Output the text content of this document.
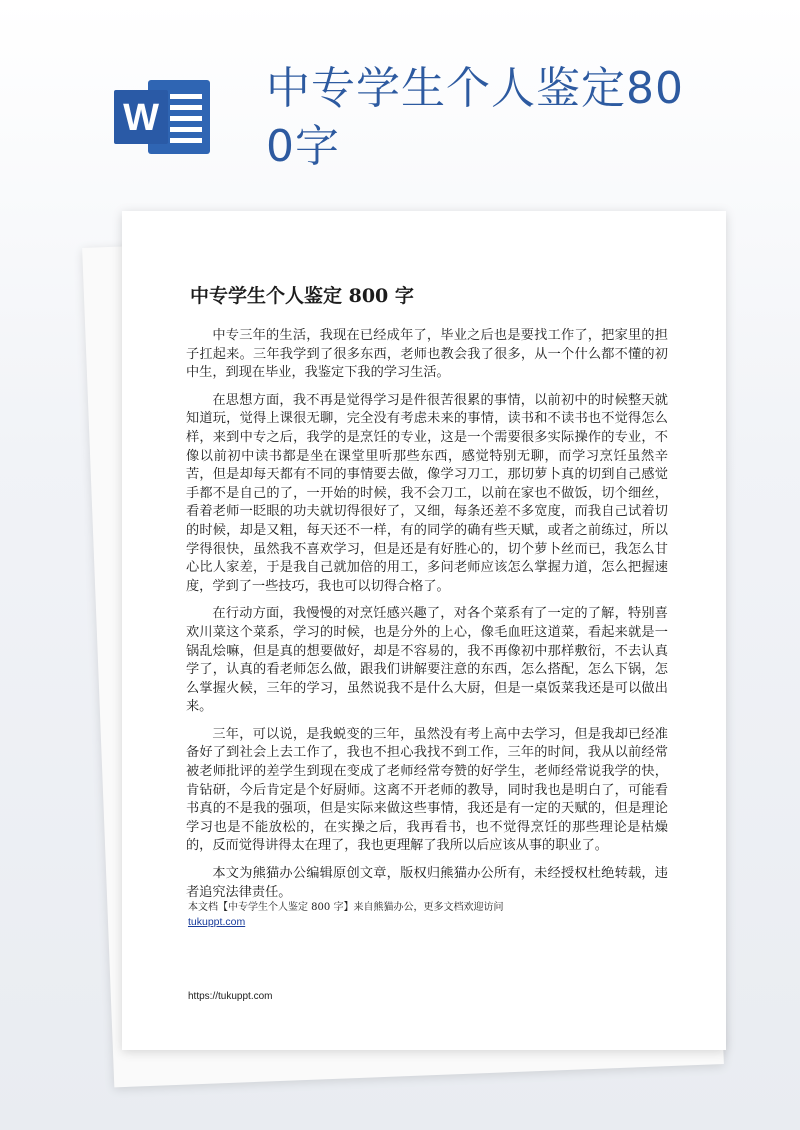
W
中专学生个人鉴定800字
中专学生个人鉴定 800 字

中专三年的生活，我现在已经成年了，毕业之后也是要找工作了，把家里的担子扛起来。三年我学到了很多东西，老师也教会我了很多，从一个什么都不懂的初中生，到现在毕业，我鉴定下我的学习生活。

在思想方面，我不再是觉得学习是件很苦很累的事情，以前初中的时候整天就知道玩，觉得上课很无聊，完全没有考虑未来的事情，读书和不读书也不觉得怎么样，来到中专之后，我学的是烹饪的专业，这是一个需要很多实际操作的专业，不像以前初中读书都是坐在课堂里听那些东西，感觉特别无聊，而学习烹饪虽然辛苦，但是却每天都有不同的事情要去做，像学习刀工，那切萝卜真的切到自己感觉手都不是自己的了，一开始的时候，我不会刀工，以前在家也不做饭，切个细丝，看着老师一眨眼的功夫就切得很好了，又细，每条还差不多宽度，而我自己试着切的时候，却是又粗，每天还不一样，有的同学的确有些天赋，或者之前练过，所以学得很快，虽然我不喜欢学习，但是还是有好胜心的，切个萝卜丝而已，我怎么甘心比人家差，于是我自己就加倍的用工，多问老师应该怎么掌握力道，怎么把握速度，学到了一些技巧，我也可以切得合格了。

在行动方面，我慢慢的对烹饪感兴趣了，对各个菜系有了一定的了解，特别喜欢川菜这个菜系，学习的时候，也是分外的上心，像毛血旺这道菜，看起来就是一锅乱烩嘛，但是真的想要做好，却是不容易的，我不再像初中那样敷衍，不去认真学了，认真的看老师怎么做，跟我们讲解要注意的东西，怎么搭配，怎么下锅，怎么掌握火候，三年的学习，虽然说我不是什么大厨，但是一桌饭菜我还是可以做出来。

三年，可以说，是我蜕变的三年，虽然没有考上高中去学习，但是我却已经准备好了到社会上去工作了，我也不担心我找不到工作，三年的时间，我从以前经常被老师批评的差学生到现在变成了老师经常夸赞的好学生，老师经常说我学的快，肯钻研，今后肯定是个好厨师。这离不开老师的教导，同时我也是明白了，可能看书真的不是我的强项，但是实际来做这些事情，我还是有一定的天赋的，但是理论学习也是不能放松的，在实操之后，我再看书，也不觉得烹饪的那些理论是枯燥的，反而觉得讲得太在理了，我也更理解了我所以后应该从事的职业了。

本文为熊猫办公编辑原创文章，版权归熊猫办公所有，未经授权杜绝转载，违者追究法律责任。

本文档【中专学生个人鉴定 800 字】来自熊猫办公，更多文档欢迎访问
tukuppt.com
https://tukuppt.com
